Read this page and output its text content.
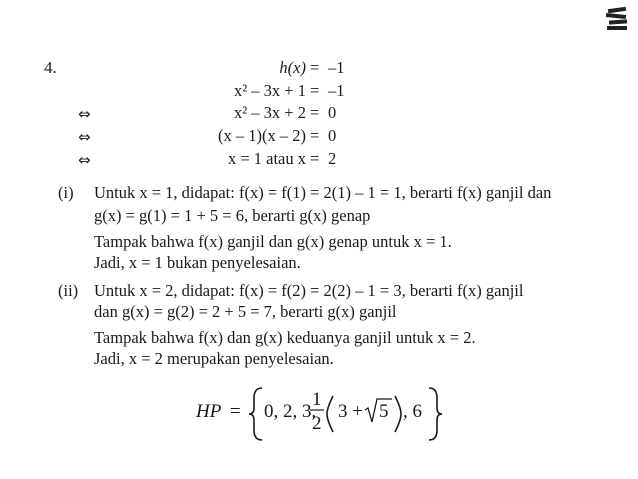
4.	h(x) = –1
x² – 3x + 1 = –1
⇔	x² – 3x + 2 = 0
⇔	(x – 1)(x – 2) = 0
⇔	x = 1 atau x = 2
(i) Untuk x = 1, didapat: f(x) = f(1) = 2(1) – 1 = 1, berarti f(x) ganjil dan
g(x) = g(1) = 1 + 5 = 6, berarti g(x) genap
Tampak bahwa f(x) ganjil dan g(x) genap untuk x = 1.
Jadi, x = 1 bukan penyelesaian.
(ii) Untuk x = 2, didapat: f(x) = f(2) = 2(2) – 1 = 3, berarti f(x) ganjil
dan g(x) = g(2) = 2 + 5 = 7, berarti g(x) ganjil
Tampak bahwa f(x) dan g(x) keduanya ganjil untuk x = 2.
Jadi, x = 2 merupakan penyelesaian.
HP = 0, 2, 3,
1
2
3 + 5 , 6
